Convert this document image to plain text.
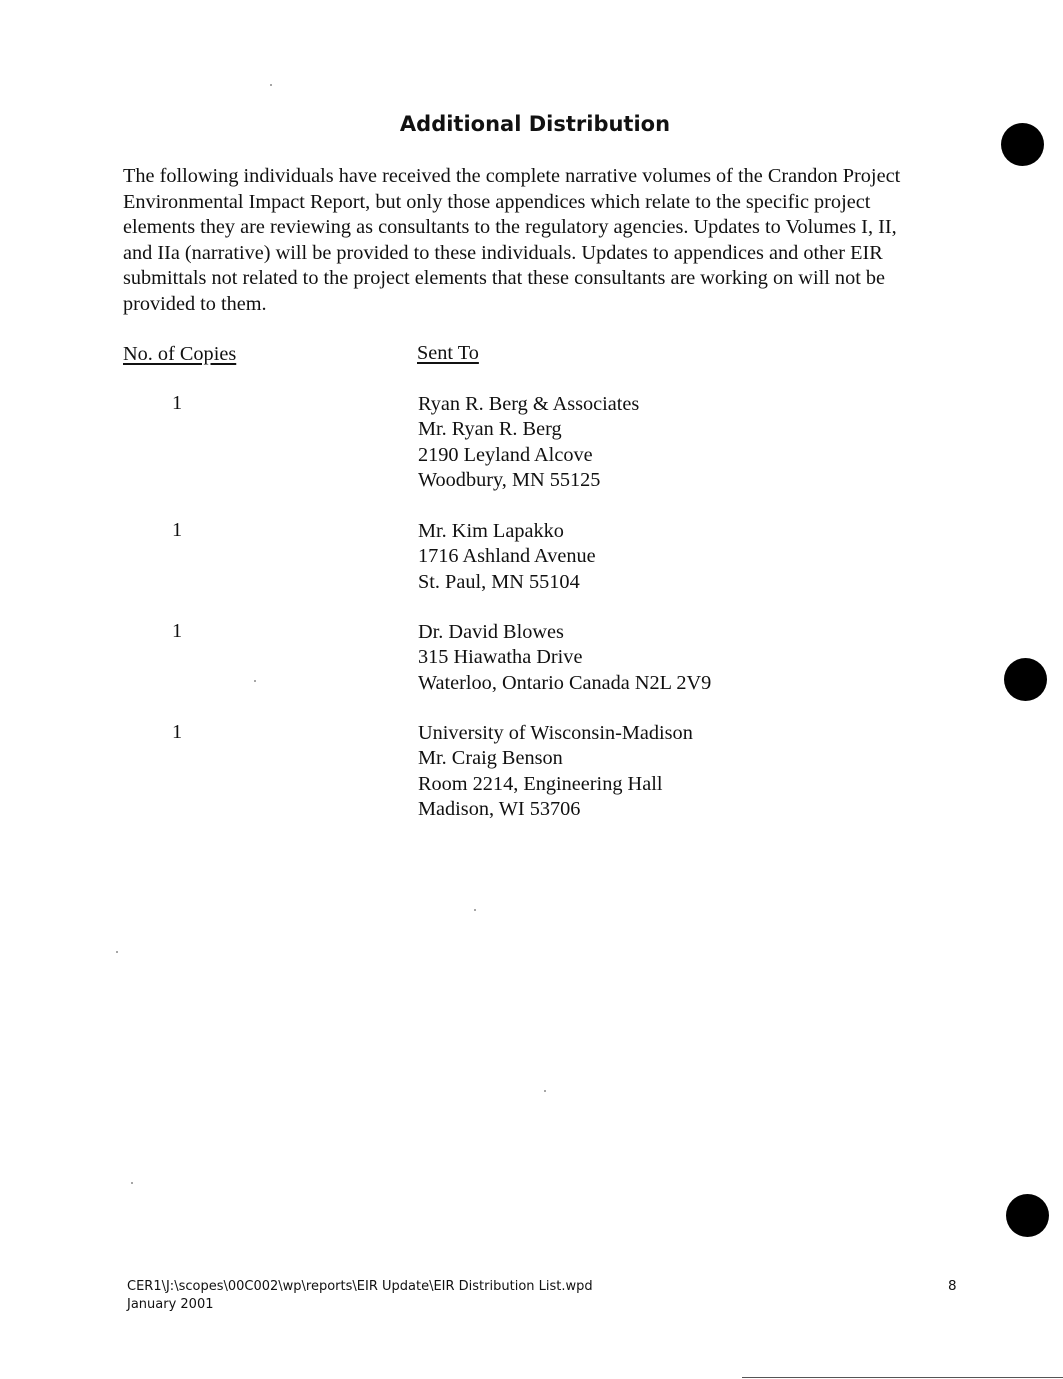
Additional Distribution

The following individuals have received the complete narrative volumes of the Crandon Project
Environmental Impact Report, but only those appendices which relate to the specific project
elements they are reviewing as consultants to the regulatory agencies. Updates to Volumes I, II,
and IIa (narrative) will be provided to these individuals. Updates to appendices and other EIR
submittals not related to the project elements that these consultants are working on will not be
provided to them.

No. of Copies	Sent To
1	Ryan R. Berg & Associates
Mr. Ryan R. Berg
2190 Leyland Alcove
Woodbury, MN 55125
1	Mr. Kim Lapakko
1716 Ashland Avenue
St. Paul, MN 55104
1	Dr. David Blowes
315 Hiawatha Drive
Waterloo, Ontario Canada N2L 2V9
1	University of Wisconsin-Madison
Mr. Craig Benson
Room 2214, Engineering Hall
Madison, WI 53706
CER1\J:\scopes\00C002\wp\reports\EIR Update\EIR Distribution List.wpd
January 2001
8
